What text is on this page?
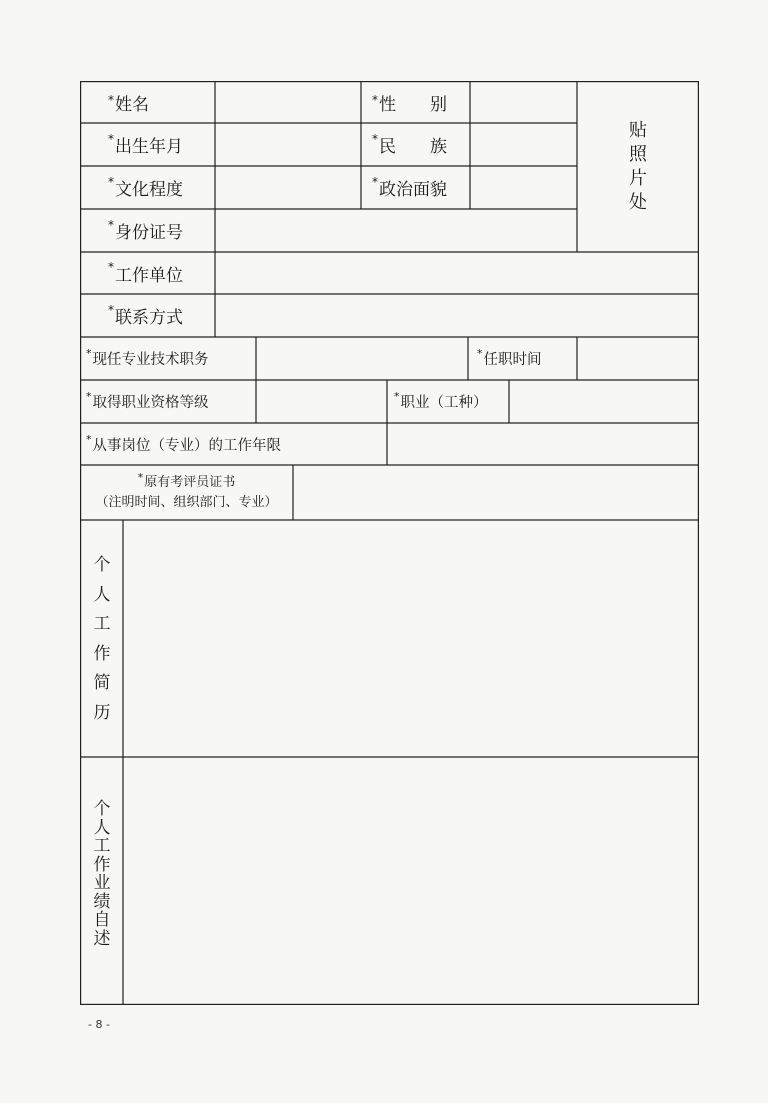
*姓名	*性别
* 出生年月	* 民族
* 文化程度	* 政治面貌
* 身份证号
贴
照
片
处
* 工作单位
* 联系方式
* 现任专业技术职务	* 任职时间
* 取得职业资格等级	* 职业（工种）
* 从事岗位（专业）的工作年限
*原有考评员证书
（注明时间、组织部门、专业）
个
人
工
作
简
历
个
人
工
作
业
绩
自
述
- 8 -
